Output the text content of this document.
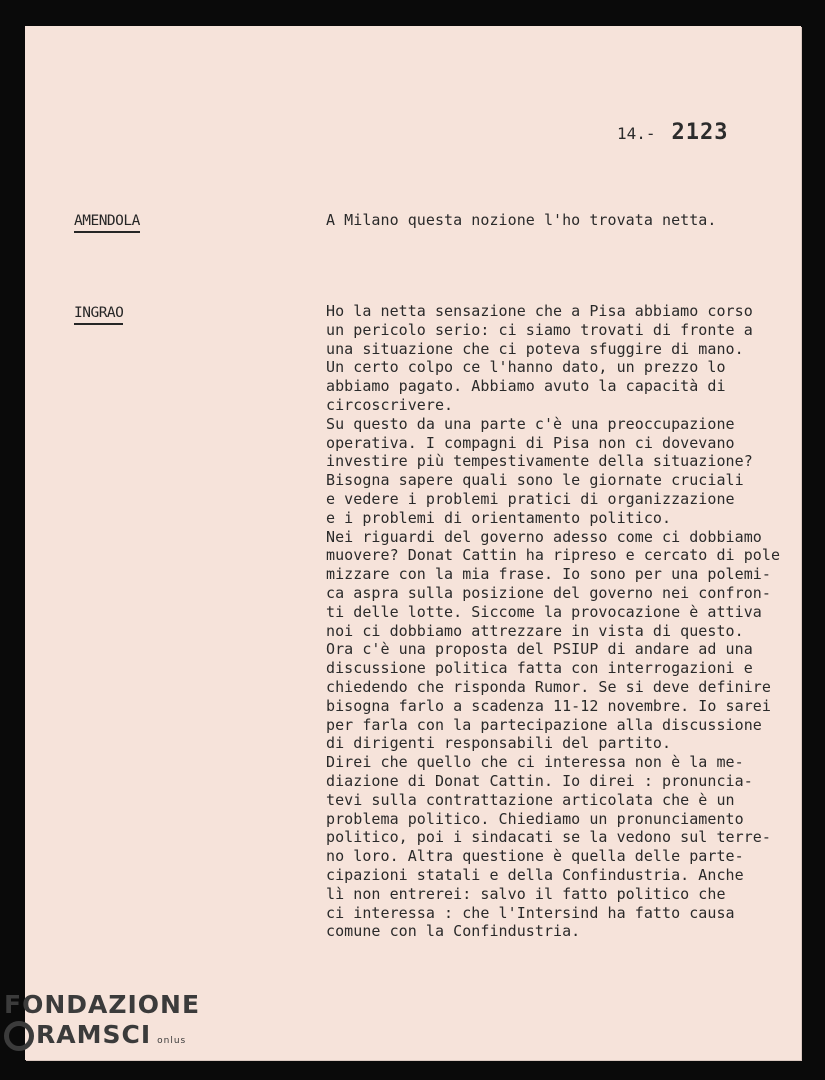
14.- 2123
AMENDOLA	A Milano questa nozione l'ho trovata netta.
INGRAO	Ho la netta sensazione che a Pisa abbiamo corso
un pericolo serio: ci siamo trovati di fronte a
una situazione che ci poteva sfuggire di mano.
Un certo colpo ce l'hanno dato, un prezzo lo
abbiamo pagato. Abbiamo avuto la capacità di
circoscrivere.
Su questo da una parte c'è una preoccupazione
operativa. I compagni di Pisa non ci dovevano
investire più tempestivamente della situazione?
Bisogna sapere quali sono le giornate cruciali
e vedere i problemi pratici di organizzazione
e i problemi di orientamento politico.
Nei riguardi del governo adesso come ci dobbiamo
muovere? Donat Cattin ha ripreso e cercato di pole
mizzare con la mia frase. Io sono per una polemi-
ca aspra sulla posizione del governo nei confron-
ti delle lotte. Siccome la provocazione è attiva
noi ci dobbiamo attrezzare in vista di questo.
Ora c'è una proposta del PSIUP di andare ad una
discussione politica fatta con interrogazioni e
chiedendo che risponda Rumor. Se si deve definire
bisogna farlo a scadenza 11-12 novembre. Io sarei
per farla con la partecipazione alla discussione
di dirigenti responsabili del partito.
Direi che quello che ci interessa non è la me-
diazione di Donat Cattin. Io direi : pronuncia-
tevi sulla contrattazione articolata che è un
problema politico. Chiediamo un pronunciamento
politico, poi i sindacati se la vedono sul terre-
no loro. Altra questione è quella delle parte-
cipazioni statali e della Confindustria. Anche
lì non entrerei: salvo il fatto politico che
ci interessa : che l'Intersind ha fatto causa
comune con la Confindustria.
FONDAZIONE
RAMSCI onlus
